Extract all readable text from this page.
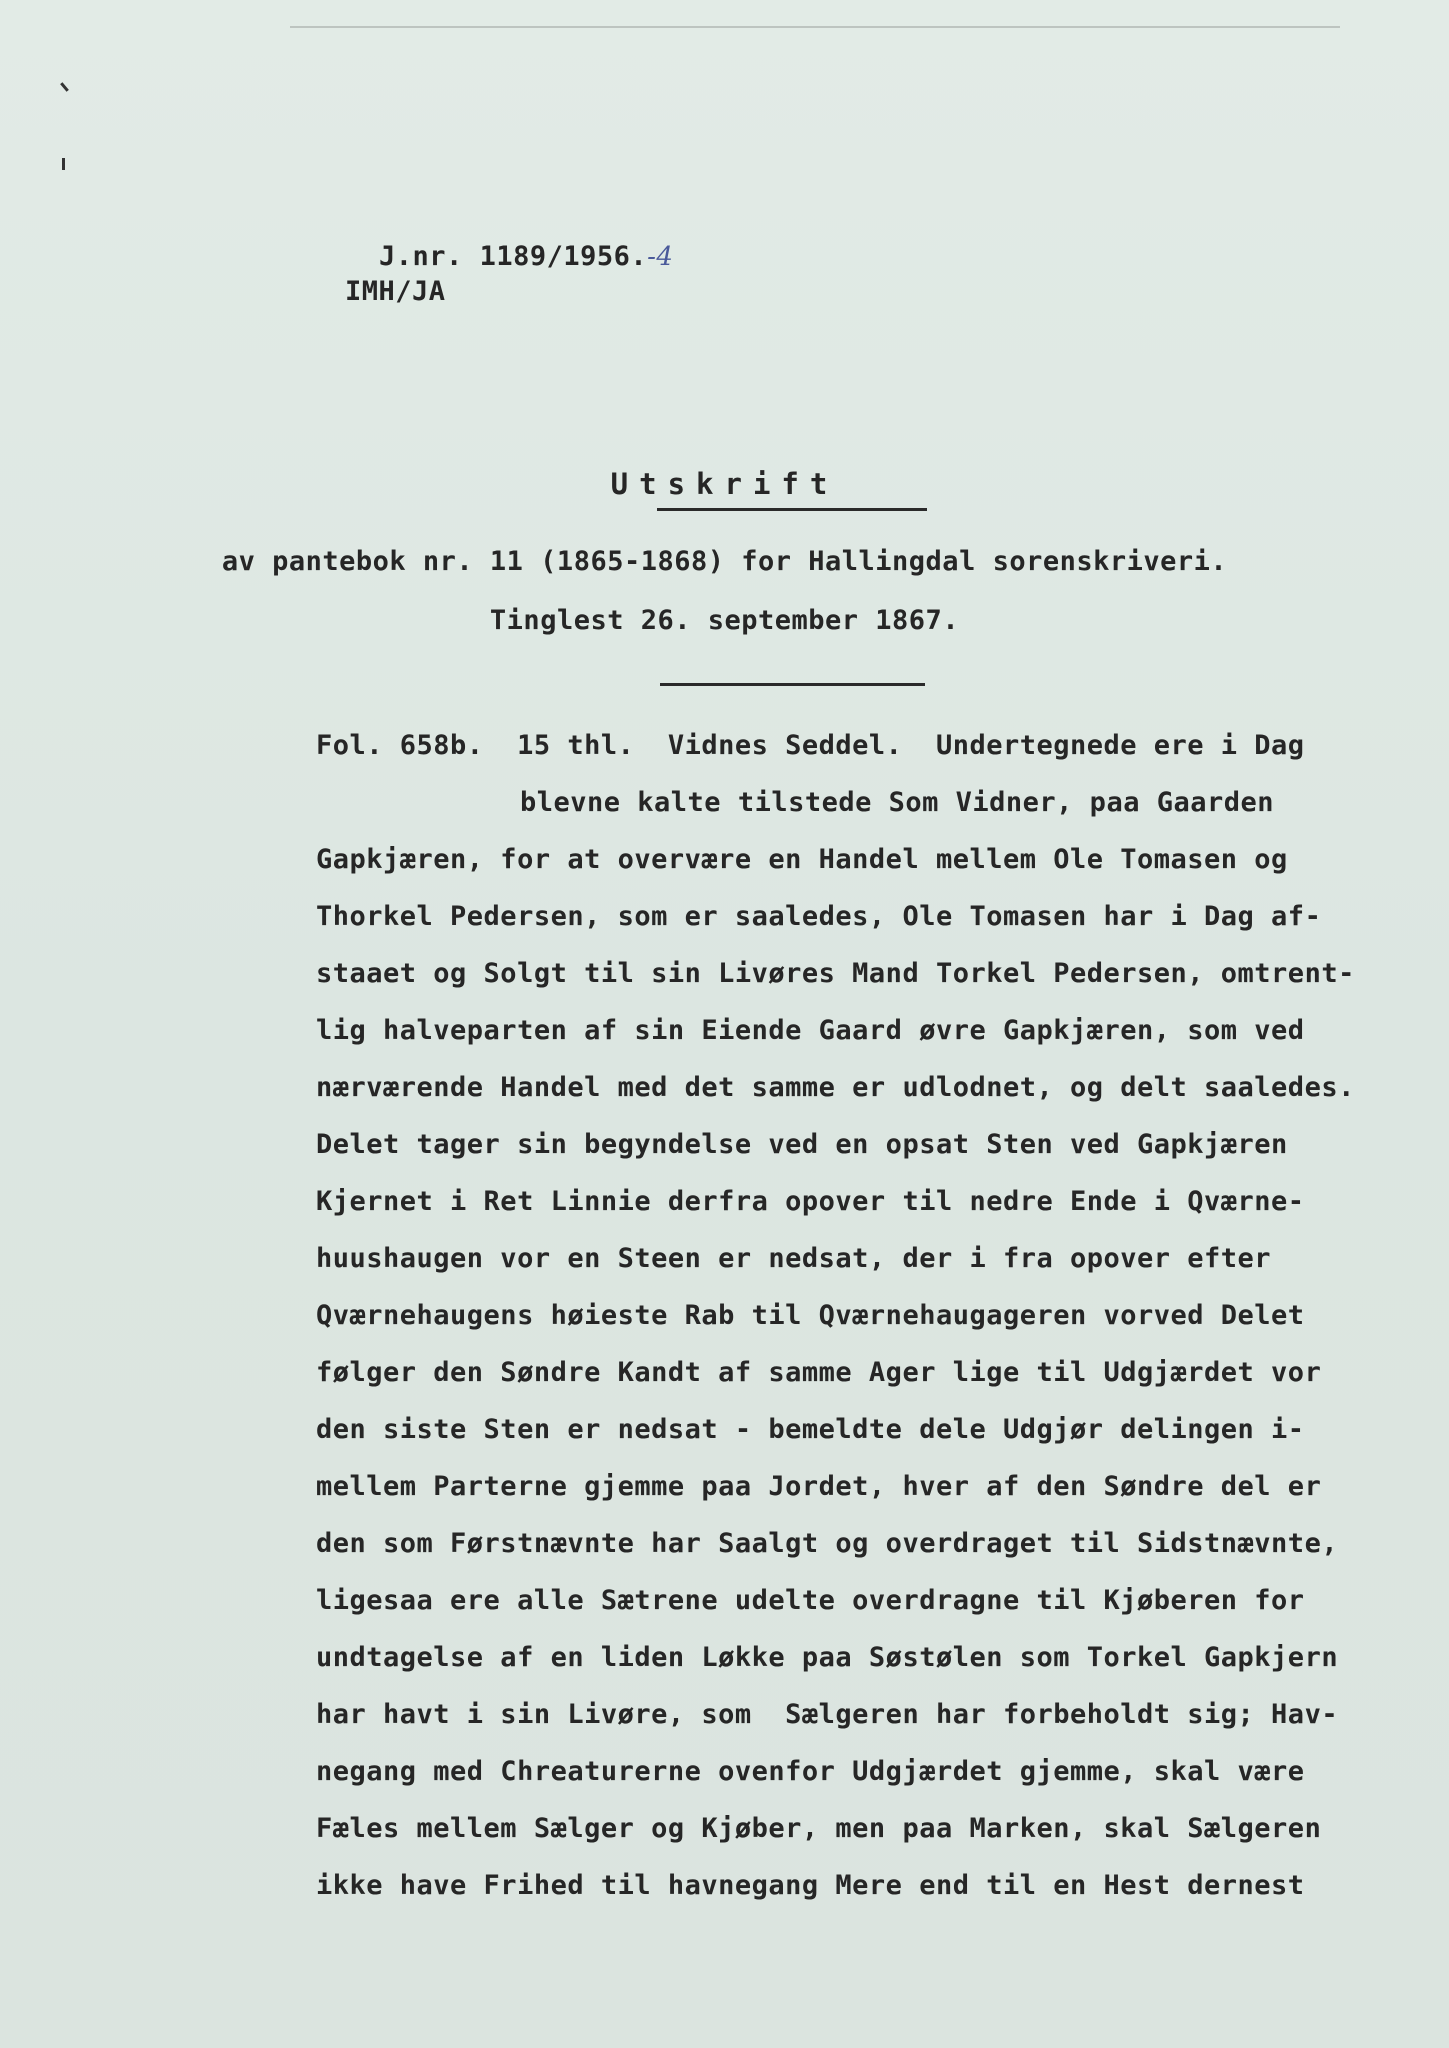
J.nr. 1189/1956.-4

IMH/JA
Utskrift
av pantebok nr. 11 (1865-1868) for Hallingdal sorenskriveri.
Tinglest 26. september 1867.
Fol. 658b.  15 thl.  Vidnes Seddel.  Undertegnede ere i Dag
blevne kalte tilstede Som Vidner, paa Gaarden
Gapkjæren, for at overvære en Handel mellem Ole Tomasen og
Thorkel Pedersen, som er saaledes, Ole Tomasen har i Dag af-
staaet og Solgt til sin Livøres Mand Torkel Pedersen, omtrent-
lig halveparten af sin Eiende Gaard øvre Gapkjæren, som ved
nærværende Handel med det samme er udlodnet, og delt saaledes.
Delet tager sin begyndelse ved en opsat Sten ved Gapkjæren
Kjernet i Ret Linnie derfra opover til nedre Ende i Qværne-
huushaugen vor en Steen er nedsat, der i fra opover efter
Qværnehaugens høieste Rab til Qværnehaugageren vorved Delet
følger den Søndre Kandt af samme Ager lige til Udgjærdet vor
den siste Sten er nedsat - bemeldte dele Udgjør delingen i-
mellem Parterne gjemme paa Jordet, hver af den Søndre del er
den som Førstnævnte har Saalgt og overdraget til Sidstnævnte,
ligesaa ere alle Sætrene udelte overdragne til Kjøberen for
undtagelse af en liden Løkke paa Søstølen som Torkel Gapkjern
har havt i sin Livøre, som  Sælgeren har forbeholdt sig; Hav-
negang med Chreaturerne ovenfor Udgjærdet gjemme, skal være
Fæles mellem Sælger og Kjøber, men paa Marken, skal Sælgeren
ikke have Frihed til havnegang Mere end til en Hest dernest
